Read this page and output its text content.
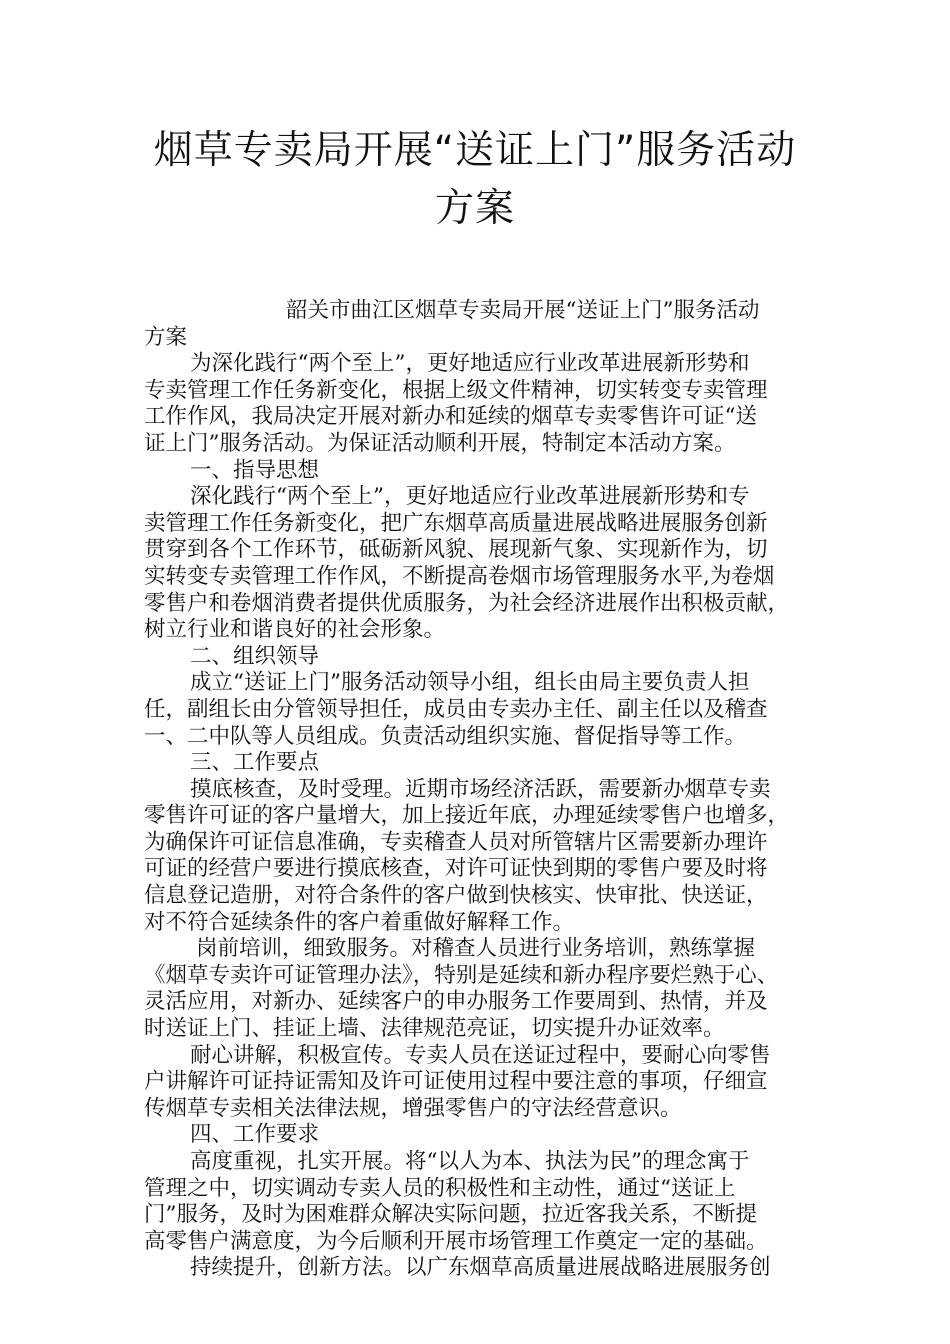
烟草专卖局开展“送证上门”服务活动
方案
韶关市曲江区烟草专卖局开展“送证上门”服务活动
方案
为深化践行“两个至上”，更好地适应行业改革进展新形势和
专卖管理工作任务新变化，根据上级文件精神，切实转变专卖管理
工作作风，我局决定开展对新办和延续的烟草专卖零售许可证“送
证上门”服务活动。为保证活动顺利开展，特制定本活动方案。
一、指导思想
深化践行“两个至上”，更好地适应行业改革进展新形势和专
卖管理工作任务新变化，把广东烟草高质量进展战略进展服务创新
贯穿到各个工作环节，砥砺新风貌、展现新气象、实现新作为，切
实转变专卖管理工作作风，不断提高卷烟市场管理服务水平,为卷烟
零售户和卷烟消费者提供优质服务，为社会经济进展作出积极贡献，
树立行业和谐良好的社会形象。
二、组织领导
成立“送证上门”服务活动领导小组，组长由局主要负责人担
任，副组长由分管领导担任，成员由专卖办主任、副主任以及稽查
一、二中队等人员组成。负责活动组织实施、督促指导等工作。
三、工作要点
摸底核查，及时受理。近期市场经济活跃，需要新办烟草专卖
零售许可证的客户量增大，加上接近年底，办理延续零售户也增多，
为确保许可证信息准确，专卖稽查人员对所管辖片区需要新办理许
可证的经营户要进行摸底核查，对许可证快到期的零售户要及时将
信息登记造册，对符合条件的客户做到快核实、快审批、快送证，
对不符合延续条件的客户着重做好解释工作。
岗前培训，细致服务。对稽查人员进行业务培训，熟练掌握
《烟草专卖许可证管理办法》，特别是延续和新办程序要烂熟于心、
灵活应用，对新办、延续客户的申办服务工作要周到、热情，并及
时送证上门、挂证上墙、法律规范亮证，切实提升办证效率。
耐心讲解，积极宣传。专卖人员在送证过程中，要耐心向零售
户讲解许可证持证需知及许可证使用过程中要注意的事项，仔细宣
传烟草专卖相关法律法规，增强零售户的守法经营意识。
四、工作要求
高度重视，扎实开展。将“以人为本、执法为民”的理念寓于
管理之中，切实调动专卖人员的积极性和主动性，通过“送证上
门”服务，及时为困难群众解决实际问题，拉近客我关系，不断提
高零售户满意度，为今后顺利开展市场管理工作奠定一定的基础。
持续提升，创新方法。以广东烟草高质量进展战略进展服务创
